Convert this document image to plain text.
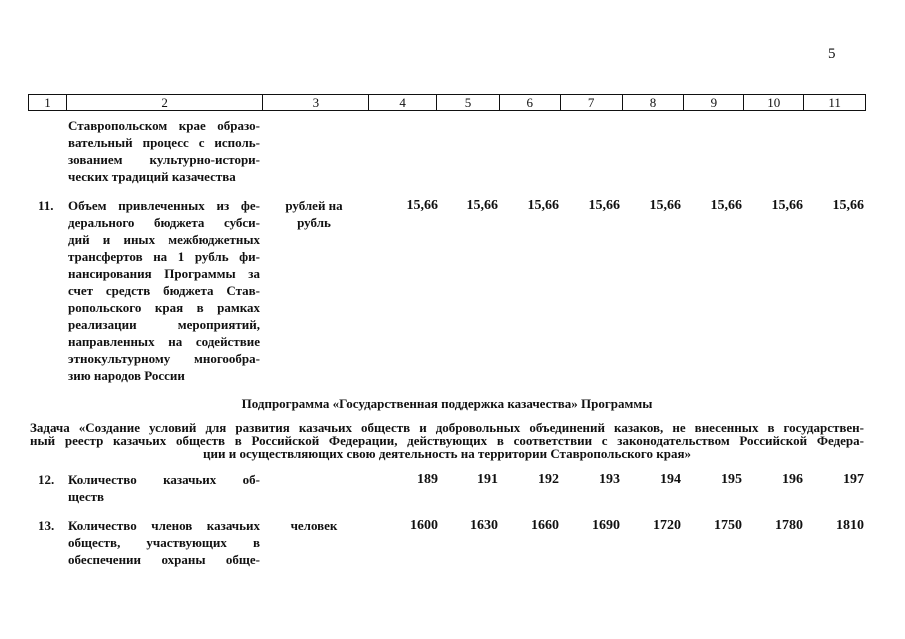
5
1	2	3	4	5	6	7	8	9	10	11
Ставропольском крае образо-
вательный процесс с исполь-
зованием культурно-истори-
ческих традиций казачества
11. Объем привлеченных из фе-
дерального бюджета субси-
дий и иных межбюджетных
трансфертов на 1 рубль фи-
нансирования Программы за
счет средств бюджета Став-
ропольского края в рамках
реализации мероприятий,
направленных на содействие
этнокультурному многообра-
зию народов России
рублей на
рубль
15,66	15,66	15,66	15,66	15,66	15,66	15,66	15,66
Подпрограмма «Государственная поддержка казачества» Программы
Задача «Создание условий для развития казачьих обществ и добровольных объединений казаков, не внесенных в государствен-
ный реестр казачьих обществ в Российской Федерации, действующих в соответствии с законодательством Российской Федера-
ции и осуществляющих свою деятельность на территории Ставропольского края»
12. Количество казачьих об-
ществ
189	191	192	193	194	195	196	197
13. Количество членов казачьих
обществ, участвующих в
обеспечении охраны обще-
человек	1600	1630	1660	1690	1720	1750	1780	1810
